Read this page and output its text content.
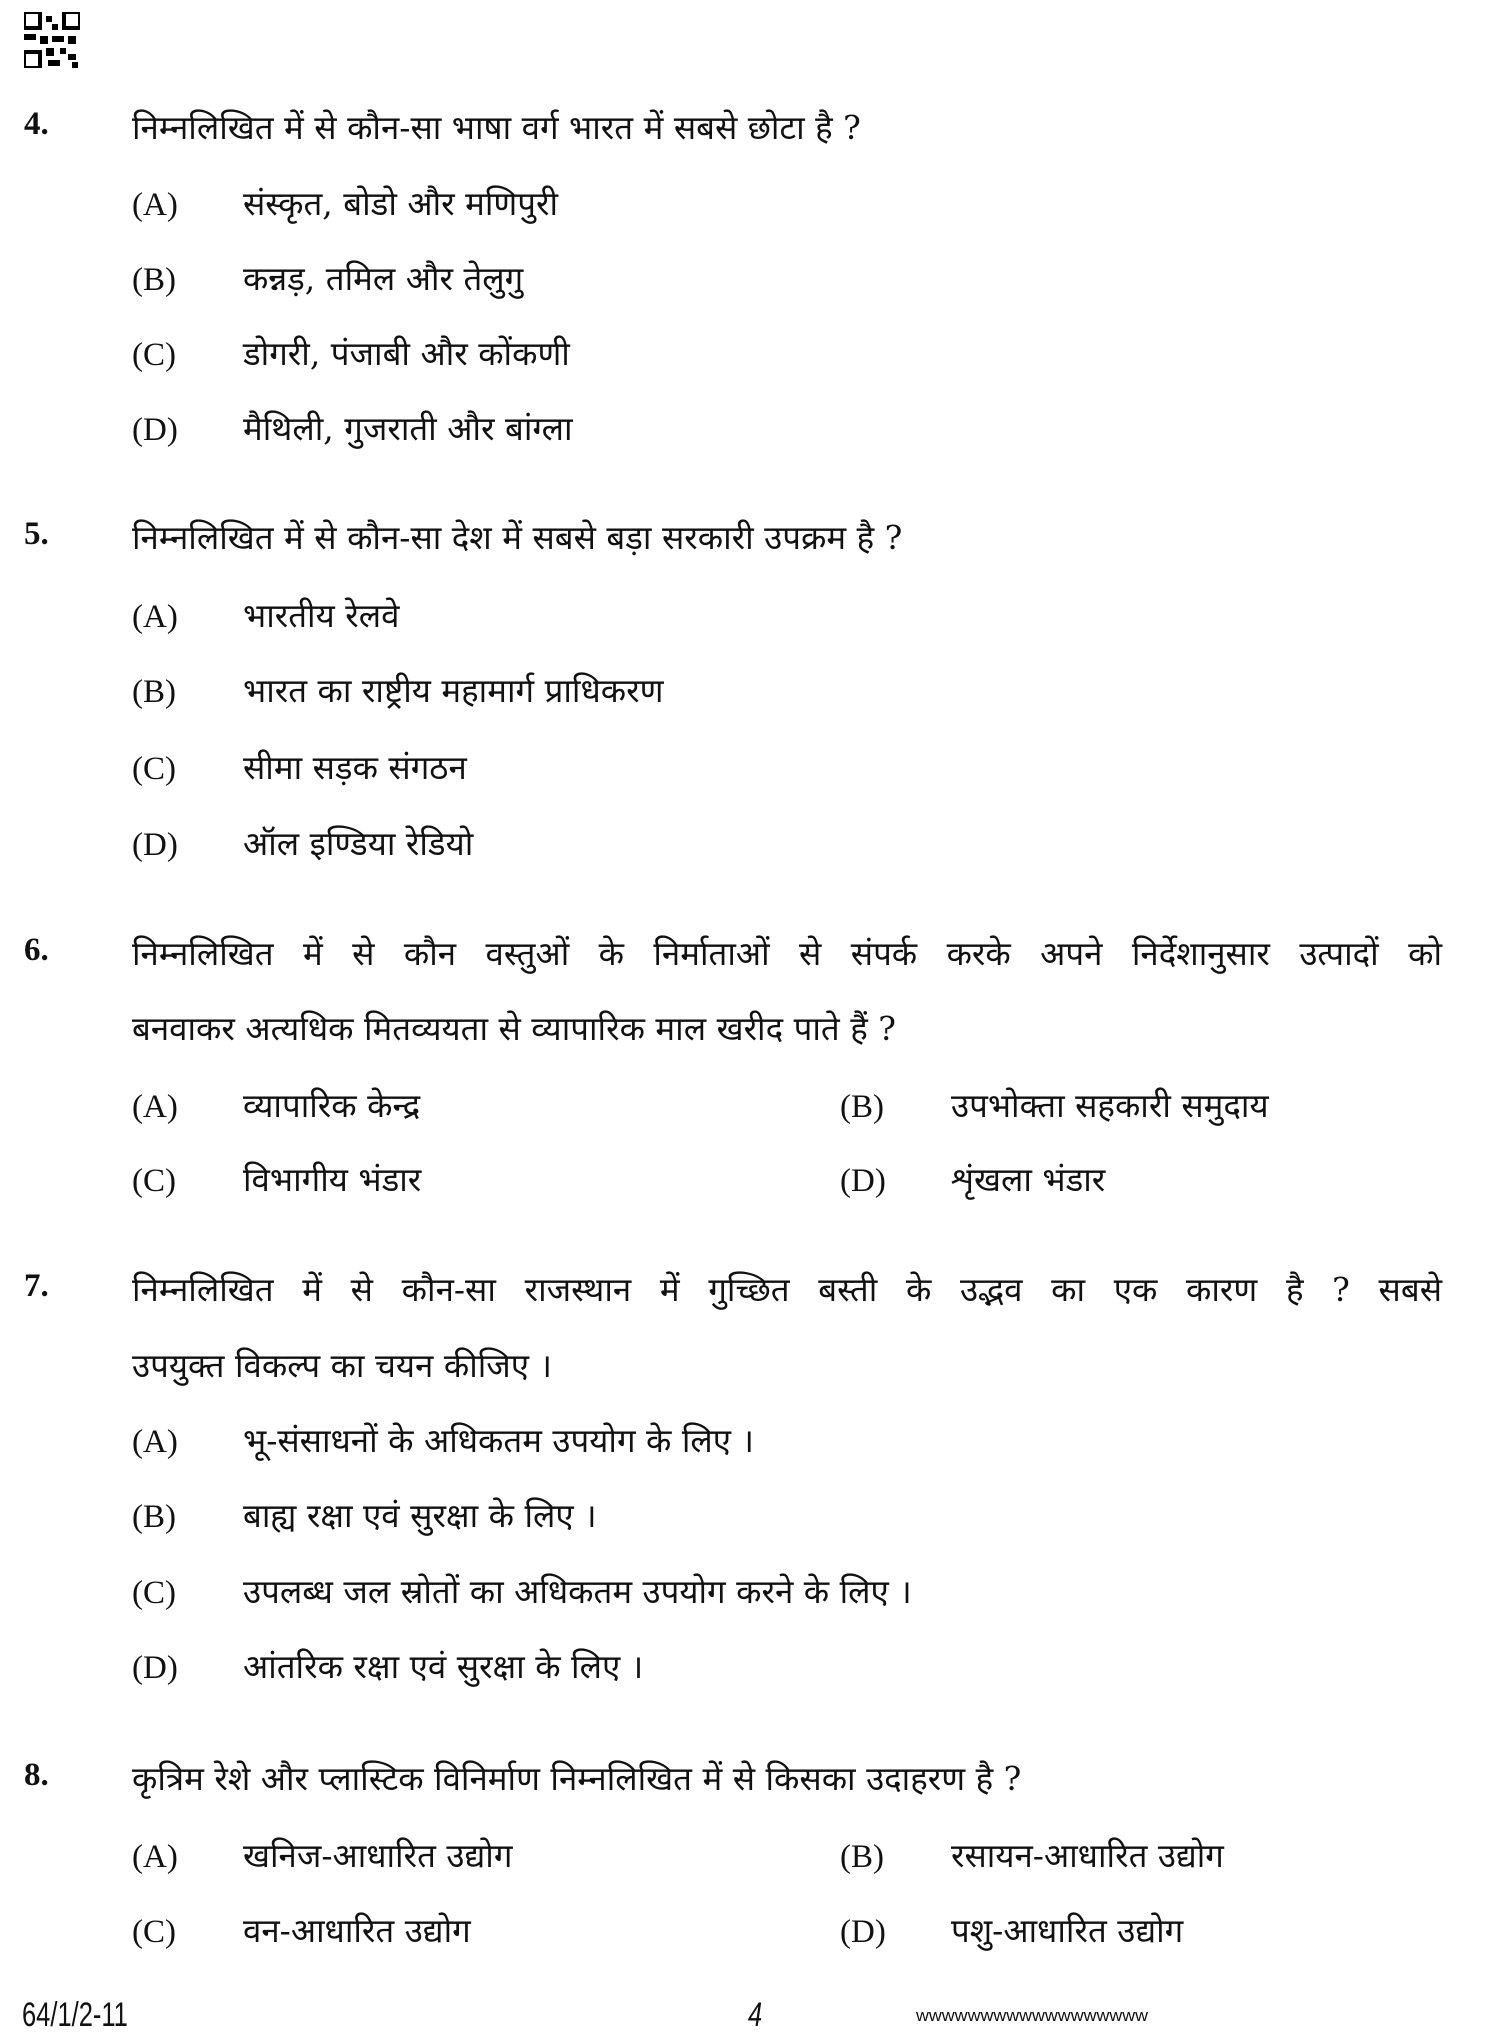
4.	निम्नलिखित में से कौन-सा भाषा वर्ग भारत में सबसे छोटा है ?
(A) संस्कृत, बोडो और मणिपुरी
(B) कन्नड़, तमिल और तेलुगु
(C) डोगरी, पंजाबी और कोंकणी
(D) मैथिली, गुजराती और बांग्ला
5.	निम्नलिखित में से कौन-सा देश में सबसे बड़ा सरकारी उपक्रम है ?
(A) भारतीय रेलवे
(B) भारत का राष्ट्रीय महामार्ग प्राधिकरण
(C) सीमा सड़क संगठन
(D) ऑल इण्डिया रेडियो
6.	निम्नलिखित में से कौन वस्तुओं के निर्माताओं से संपर्क करके अपने निर्देशानुसार उत्पादों को
बनवाकर अत्यधिक मितव्ययता से व्यापारिक माल खरीद पाते हैं ?
(A) व्यापारिक केन्द्र	(B) उपभोक्ता सहकारी समुदाय
(C) विभागीय भंडार	(D) शृंखला भंडार
7.	निम्नलिखित में से कौन-सा राजस्थान में गुच्छित बस्ती के उद्भव का एक कारण है ? सबसे
उपयुक्त विकल्प का चयन कीजिए ।
(A) भू-संसाधनों के अधिकतम उपयोग के लिए ।
(B) बाह्य रक्षा एवं सुरक्षा के लिए ।
(C) उपलब्ध जल स्रोतों का अधिकतम उपयोग करने के लिए ।
(D) आंतरिक रक्षा एवं सुरक्षा के लिए ।
8.	कृत्रिम रेशे और प्लास्टिक विनिर्माण निम्नलिखित में से किसका उदाहरण है ?
(A) खनिज-आधारित उद्योग	(B) रसायन-आधारित उद्योग
(C) वन-आधारित उद्योग	(D) पशु-आधारित उद्योग
64/1/2-11	4	wwwwwwwwwwwwwwwwww
